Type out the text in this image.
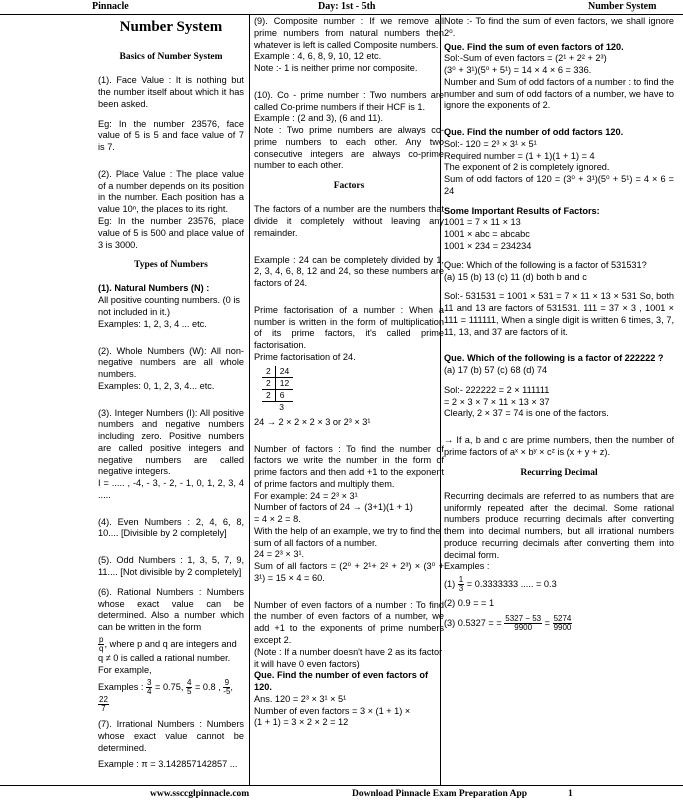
Pinnacle	Day: 1st - 5th	Number System
Number System
Basics of Number System

(1). Face Value : It is nothing but the number itself about which it has been asked.

Eg: In the number 23576, face value of 5 is 5 and face value of 7 is 7.

(2). Place Value : The place value of a number depends on its position in the number. Each position has a value 10ⁿ, the places to its right.

Eg: In the number 23576, place value of 5 is 500 and place value of 3 is 3000.

Types of Numbers
(1). Natural Numbers (N) :
All positive counting numbers. (0 is not included in it.)

Examples: 1, 2, 3, 4 ... etc.

(2). Whole Numbers (W): All non-negative numbers are all whole numbers.

Examples: 0, 1, 2, 3, 4... etc.

(3). Integer Numbers (I): All positive numbers and negative numbers including zero. Positive numbers are called positive integers and negative numbers are called negative integers.

I = ..... , -4, - 3, - 2, - 1, 0, 1, 2, 3, 4 .....

(4). Even Numbers : 2, 4, 6, 8, 10.... [Divisible by 2 completely]

(5). Odd Numbers : 1, 3, 5, 7, 9, 11.... [Not divisible by 2 completely]

(6). Rational Numbers : Numbers whose exact value can be determined. Also a number which can be written in the form

$\frac{p}{q}$ , where p and q are integers and q ≠ 0 is called a rational number. For example,
Examples : $\frac{3}{4} = 0.75$, $\frac{4}{5} = 0.8$ , $\frac{9}{-5}$ ,
$\frac{22}{7}$

(7). Irrational Numbers : Numbers whose exact value cannot be determined.

Example : π = 3.142857142857 ...

(9). Composite number : If we remove all prime numbers from natural numbers then whatever is left is called Composite numbers.

Example : 4, 6, 8, 9, 10, 12 etc.

Note :- 1 is neither prime nor composite.

(10). Co - prime number : Two numbers are called Co-prime numbers if their HCF is 1.

Example : (2 and 3), (6 and 11).

Note : Two prime numbers are always co-prime numbers to each other. Any two consecutive integers are always co-prime number to each other.

Factors

The factors of a number are the numbers that divide it completely without leaving any remainder.

Example : 24 can be completely divided by 1, 2, 3, 4, 6, 8, 12 and 24, so these numbers are factors of 24.

Prime factorisation of a number : When a number is written in the form of multiplication of its prime factors, it's called prime factorisation.

Prime factorisation of 24.
2	24
2	12
2	6
	3

24 → 2 × 2 × 2 × 3 or 2³ × 3¹

Number of factors : To find the number of factors we write the number in the form of prime factors and then add +1 to the exponent of prime factors and multiply them.

For example: 24 = 2³ × 3¹
Number of factors of 24 → (3+1)(1 + 1)
= 4 × 2 = 8.
With the help of an example, we try to find the sum of all factors of a number.
24 = 2³ × 3¹.

Sum of all factors = (2⁰ + 2¹+ 2² + 2³) × (3⁰ + 3¹) = 15 × 4 = 60.

Number of even factors of a number : To find the number of even factors of a number, we add +1 to the exponents of prime numbers except 2.

(Note : If a number doesn't have 2 as its factor it will have 0 even factors)
Que. Find the number of even factors of 120.
Ans. 120 = 2³ × 3¹ × 5¹
Number of even factors = 3 × (1 + 1) ×
(1 + 1) = 3 × 2 × 2 = 12

Note :- To find the sum of even factors, we shall ignore 2⁰.

Que. Find the sum of even factors of 120.
Sol:-Sum of even factors = (2¹ + 2² + 2³)
(3⁰ + 3¹)(5⁰ + 5¹) = 14 × 4 × 6 = 336.

Number and Sum of odd factors of a number : to find the number and sum of odd factors of a number, we have to ignore the exponents of 2.

Que. Find the number of odd factors 120.
Sol:- 120 = 2³ × 3¹ × 5¹
Required number = (1 + 1)(1 + 1) = 4
The exponent of 2 is completely ignored.

Sum of odd factors of 120 = (3⁰ + 3¹)(5⁰ + 5¹) = 4 × 6 = 24

Some Important Results of Factors:
1001 = 7 × 11 × 13
1001 × abc = abcabc
1001 × 234 = 234234
Que: Which of the following is a factor of 531531?

(a) 15 (b) 13 (c) 11 (d) both b and c

Sol:- 531531 = 1001 × 531 = 7 × 11 × 13 × 531 So, both 11 and 13 are factors of 531531. 111 = 37 × 3 , 1001 × 111 = 111111, When a single digit is written 6 times, 3, 7, 11, 13, and 37 are factors of it.

Que. Which of the following is a factor of 222222 ?

(a) 17 (b) 57 (c) 68 (d) 74

Sol:- 222222 = 2 × 111111
= 2 × 3 × 7 × 11 × 13 × 37

Clearly, 2 × 37 = 74 is one of the factors.

→ If a, b and c are prime numbers, then the number of prime factors of aˣ × bʸ × cᶻ is (x + y + z).

Recurring Decimal

Recurring decimals are referred to as numbers that are uniformly repeated after the decimal. Some rational numbers produce recurring decimals after converting them into decimal numbers, but all irrational numbers produce recurring decimals after converting them into decimal form.

Examples :
$(1) \frac{1}{3} = 0.3333333$ ..... = 0.3
(2) 0.9 = = 1
(3) 0.5327 = = $\frac{5327 - 53}{9900} = \frac{5274}{9900}$
www.ssccglpinnacle.com	Download Pinnacle Exam Preparation App	1
